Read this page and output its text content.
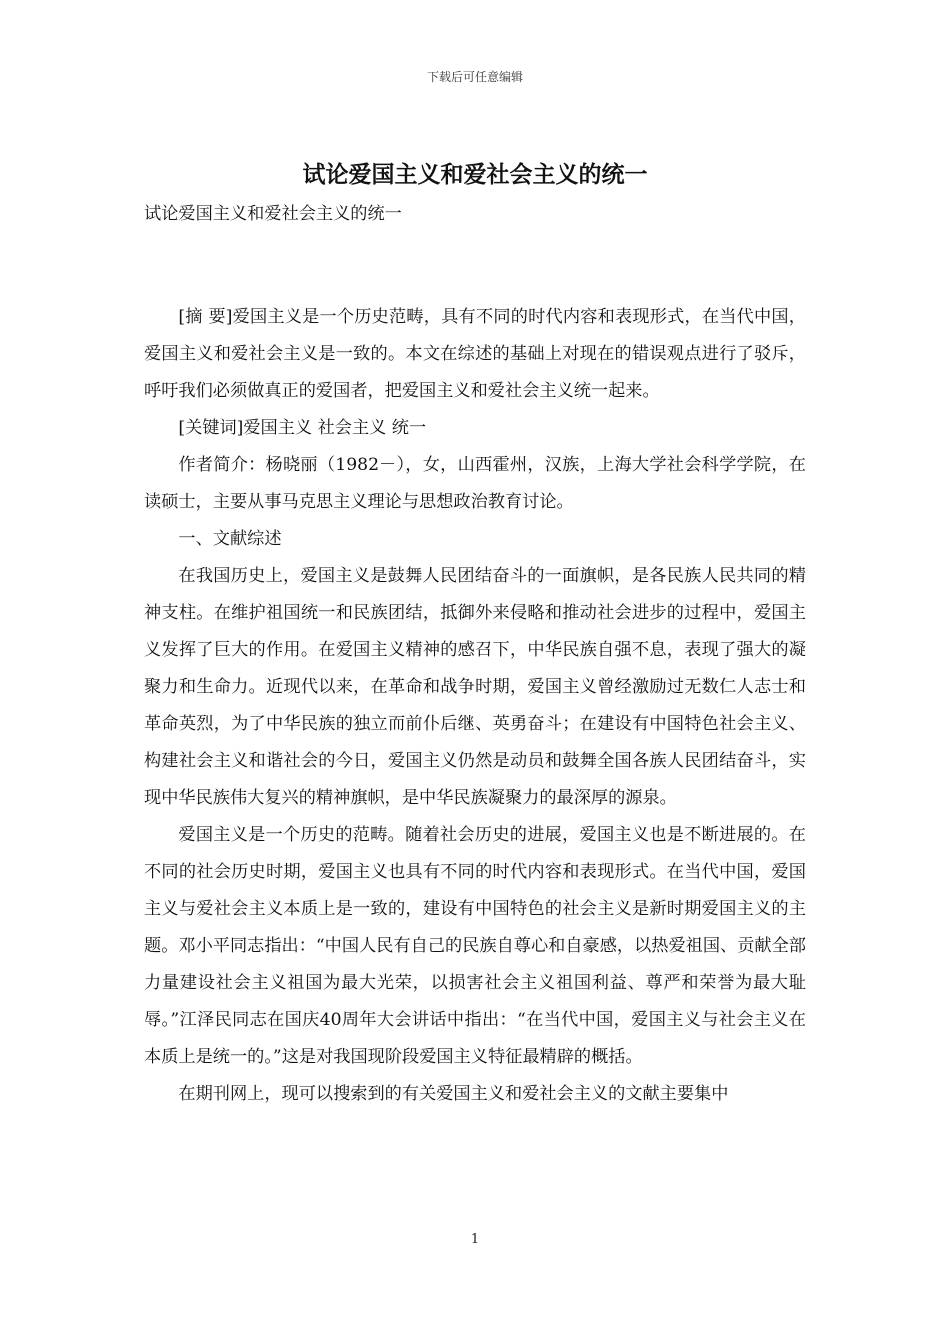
下载后可任意编辑
试论爱国主义和爱社会主义的统一

试论爱国主义和爱社会主义的统一

[摘 要]爱国主义是一个历史范畴，具有不同的时代内容和表现形式，在当代中国，爱国主义和爱社会主义是一致的。本文在综述的基础上对现在的错误观点进行了驳斥，呼吁我们必须做真正的爱国者，把爱国主义和爱社会主义统一起来。

[关键词]爱国主义 社会主义 统一

作者简介：杨晓丽（1982－），女，山西霍州，汉族，上海大学社会科学学院，在读硕士，主要从事马克思主义理论与思想政治教育讨论。

一、文献综述

在我国历史上，爱国主义是鼓舞人民团结奋斗的一面旗帜，是各民族人民共同的精神支柱。在维护祖国统一和民族团结，抵御外来侵略和推动社会进步的过程中，爱国主义发挥了巨大的作用。在爱国主义精神的感召下，中华民族自强不息，表现了强大的凝聚力和生命力。近现代以来，在革命和战争时期，爱国主义曾经激励过无数仁人志士和革命英烈，为了中华民族的独立而前仆后继、英勇奋斗；在建设有中国特色社会主义、构建社会主义和谐社会的今日，爱国主义仍然是动员和鼓舞全国各族人民团结奋斗，实现中华民族伟大复兴的精神旗帜，是中华民族凝聚力的最深厚的源泉。

爱国主义是一个历史的范畴。随着社会历史的进展，爱国主义也是不断进展的。在不同的社会历史时期，爱国主义也具有不同的时代内容和表现形式。在当代中国，爱国主义与爱社会主义本质上是一致的，建设有中国特色的社会主义是新时期爱国主义的主题。邓小平同志指出：“中国人民有自己的民族自尊心和自豪感，以热爱祖国、贡献全部力量建设社会主义祖国为最大光荣，以损害社会主义祖国利益、尊严和荣誉为最大耻辱。”江泽民同志在国庆40周年大会讲话中指出：“在当代中国，爱国主义与社会主义在本质上是统一的。”这是对我国现阶段爱国主义特征最精辟的概括。

在期刊网上，现可以搜索到的有关爱国主义和爱社会主义的文献主要集中

1
